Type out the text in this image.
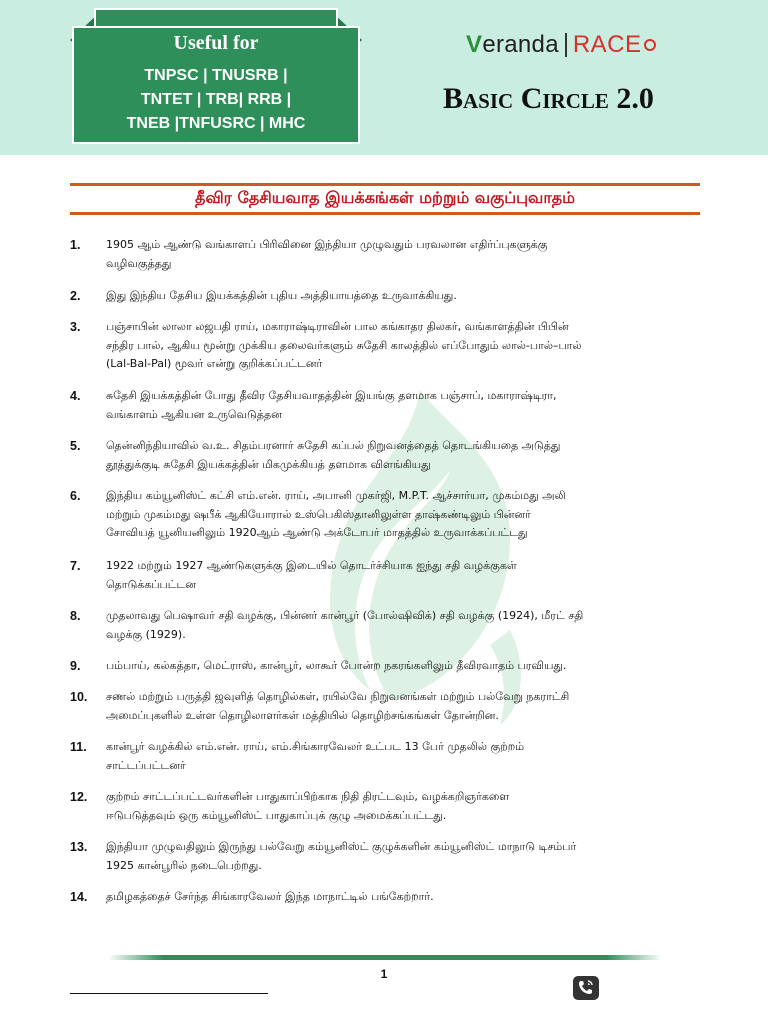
Useful for
TNPSC | TNUSRB |
TNTET | TRB| RRB |
TNEB |TNFUSRC | MHC
Veranda RACE
Basic Circle 2.0
தீவிர தேசியவாத இயக்கங்கள் மற்றும் வகுப்புவாதம்
1. 1905 ஆம் ஆண்டு வங்காளப் பிரிவினை இந்தியா முழுவதும் பரவலான எதிர்ப்புகளுக்கு
வழிவகுத்தது
2. இது இந்திய தேசிய இயக்கத்தின் புதிய அத்தியாயத்தை உருவாக்கியது.
3. பஞ்சாபின் லாலா லஜபதி ராய், மகாராஷ்டிராவின் பால கங்காதர திலகர், வங்காளத்தின் பிபின்
சந்திர பால், ஆகிய மூன்று முக்கிய தலைவர்களும் சுதேசி காலத்தில் எப்போதும் லால்-பால்–பால்
(Lal-Bal-Pal) மூவர் என்று குறிக்கப்பட்டனர்
4. சுதேசி இயக்கத்தின் போது தீவிர தேசியவாதத்தின் இயங்கு தளமாக பஞ்சாப், மகாராஷ்டிரா,
வங்காளம் ஆகியன உருவெடுத்தன
5. தென்னிந்தியாவில் வ.உ. சிதம்பரனார் சுதேசி கப்பல் நிறுவனத்தைத் தொடங்கியதை அடுத்து
தூத்துக்குடி சுதேசி இயக்கத்தின் மிகமுக்கியத் தளமாக விளங்கியது
6. இந்திய கம்யூனிஸ்ட் கட்சி எம்.என். ராய், அபானி முகர்ஜி, M.P.T. ஆச்சார்யா, முகம்மது அலி
மற்றும் முகம்மது ஷபீக் ஆகியோரால் உஸ்பெகிஸ்தானிலுள்ள தாஷ்கண்டிலும் பின்னர்
சோவியத் யூனியனிலும் 1920ஆம் ஆண்டு அக்டோபர் மாதத்தில் உருவாக்கப்பட்டது
7. 1922 மற்றும் 1927 ஆண்டுகளுக்கு இடையில் தொடர்ச்சியாக ஐந்து சதி வழக்குகள்
தொடுக்கப்பட்டன
8. முதலாவது பெஷாவர் சதி வழக்கு, பின்னர் கான்பூர் (போல்ஷிவிக்) சதி வழக்கு (1924), மீரட் சதி
வழக்கு (1929).
9. பம்பாய், கல்கத்தா, மெட்ராஸ், கான்பூர், லாகூர் போன்ற நகரங்களிலும் தீவிரவாதம் பரவியது.
10. சணல் மற்றும் பருத்தி ஜவுளித் தொழில்கள், ரயில்வே நிறுவனங்கள் மற்றும் பல்வேறு நகராட்சி
அமைப்புகளில் உள்ள தொழிலாளர்கள் மத்தியில் தொழிற்சங்கங்கள் தோன்றின.
11. கான்பூர் வழக்கில் எம்.என். ராய், எம்.சிங்காரவேலர் உட்பட 13 பேர் முதலில் குற்றம்
சாட்டப்பட்டனர்
12. குற்றம் சாட்டப்பட்டவர்களின் பாதுகாப்பிற்காக நிதி திரட்டவும், வழக்கறிஞர்களை
ஈடுபடுத்தவும் ஒரு கம்யூனிஸ்ட் பாதுகாப்புக் குழு அமைக்கப்பட்டது.
13. இந்தியா முழுவதிலும் இருந்து பல்வேறு கம்யூனிஸ்ட் குழுக்களின் கம்யூனிஸ்ட் மாநாடு டிசம்பர்
1925 கான்பூரில் நடைபெற்றது.
14. தமிழகத்தைச் சேர்ந்த சிங்காரவேலர் இந்த மாநாட்டில் பங்கேற்றார்.
1
